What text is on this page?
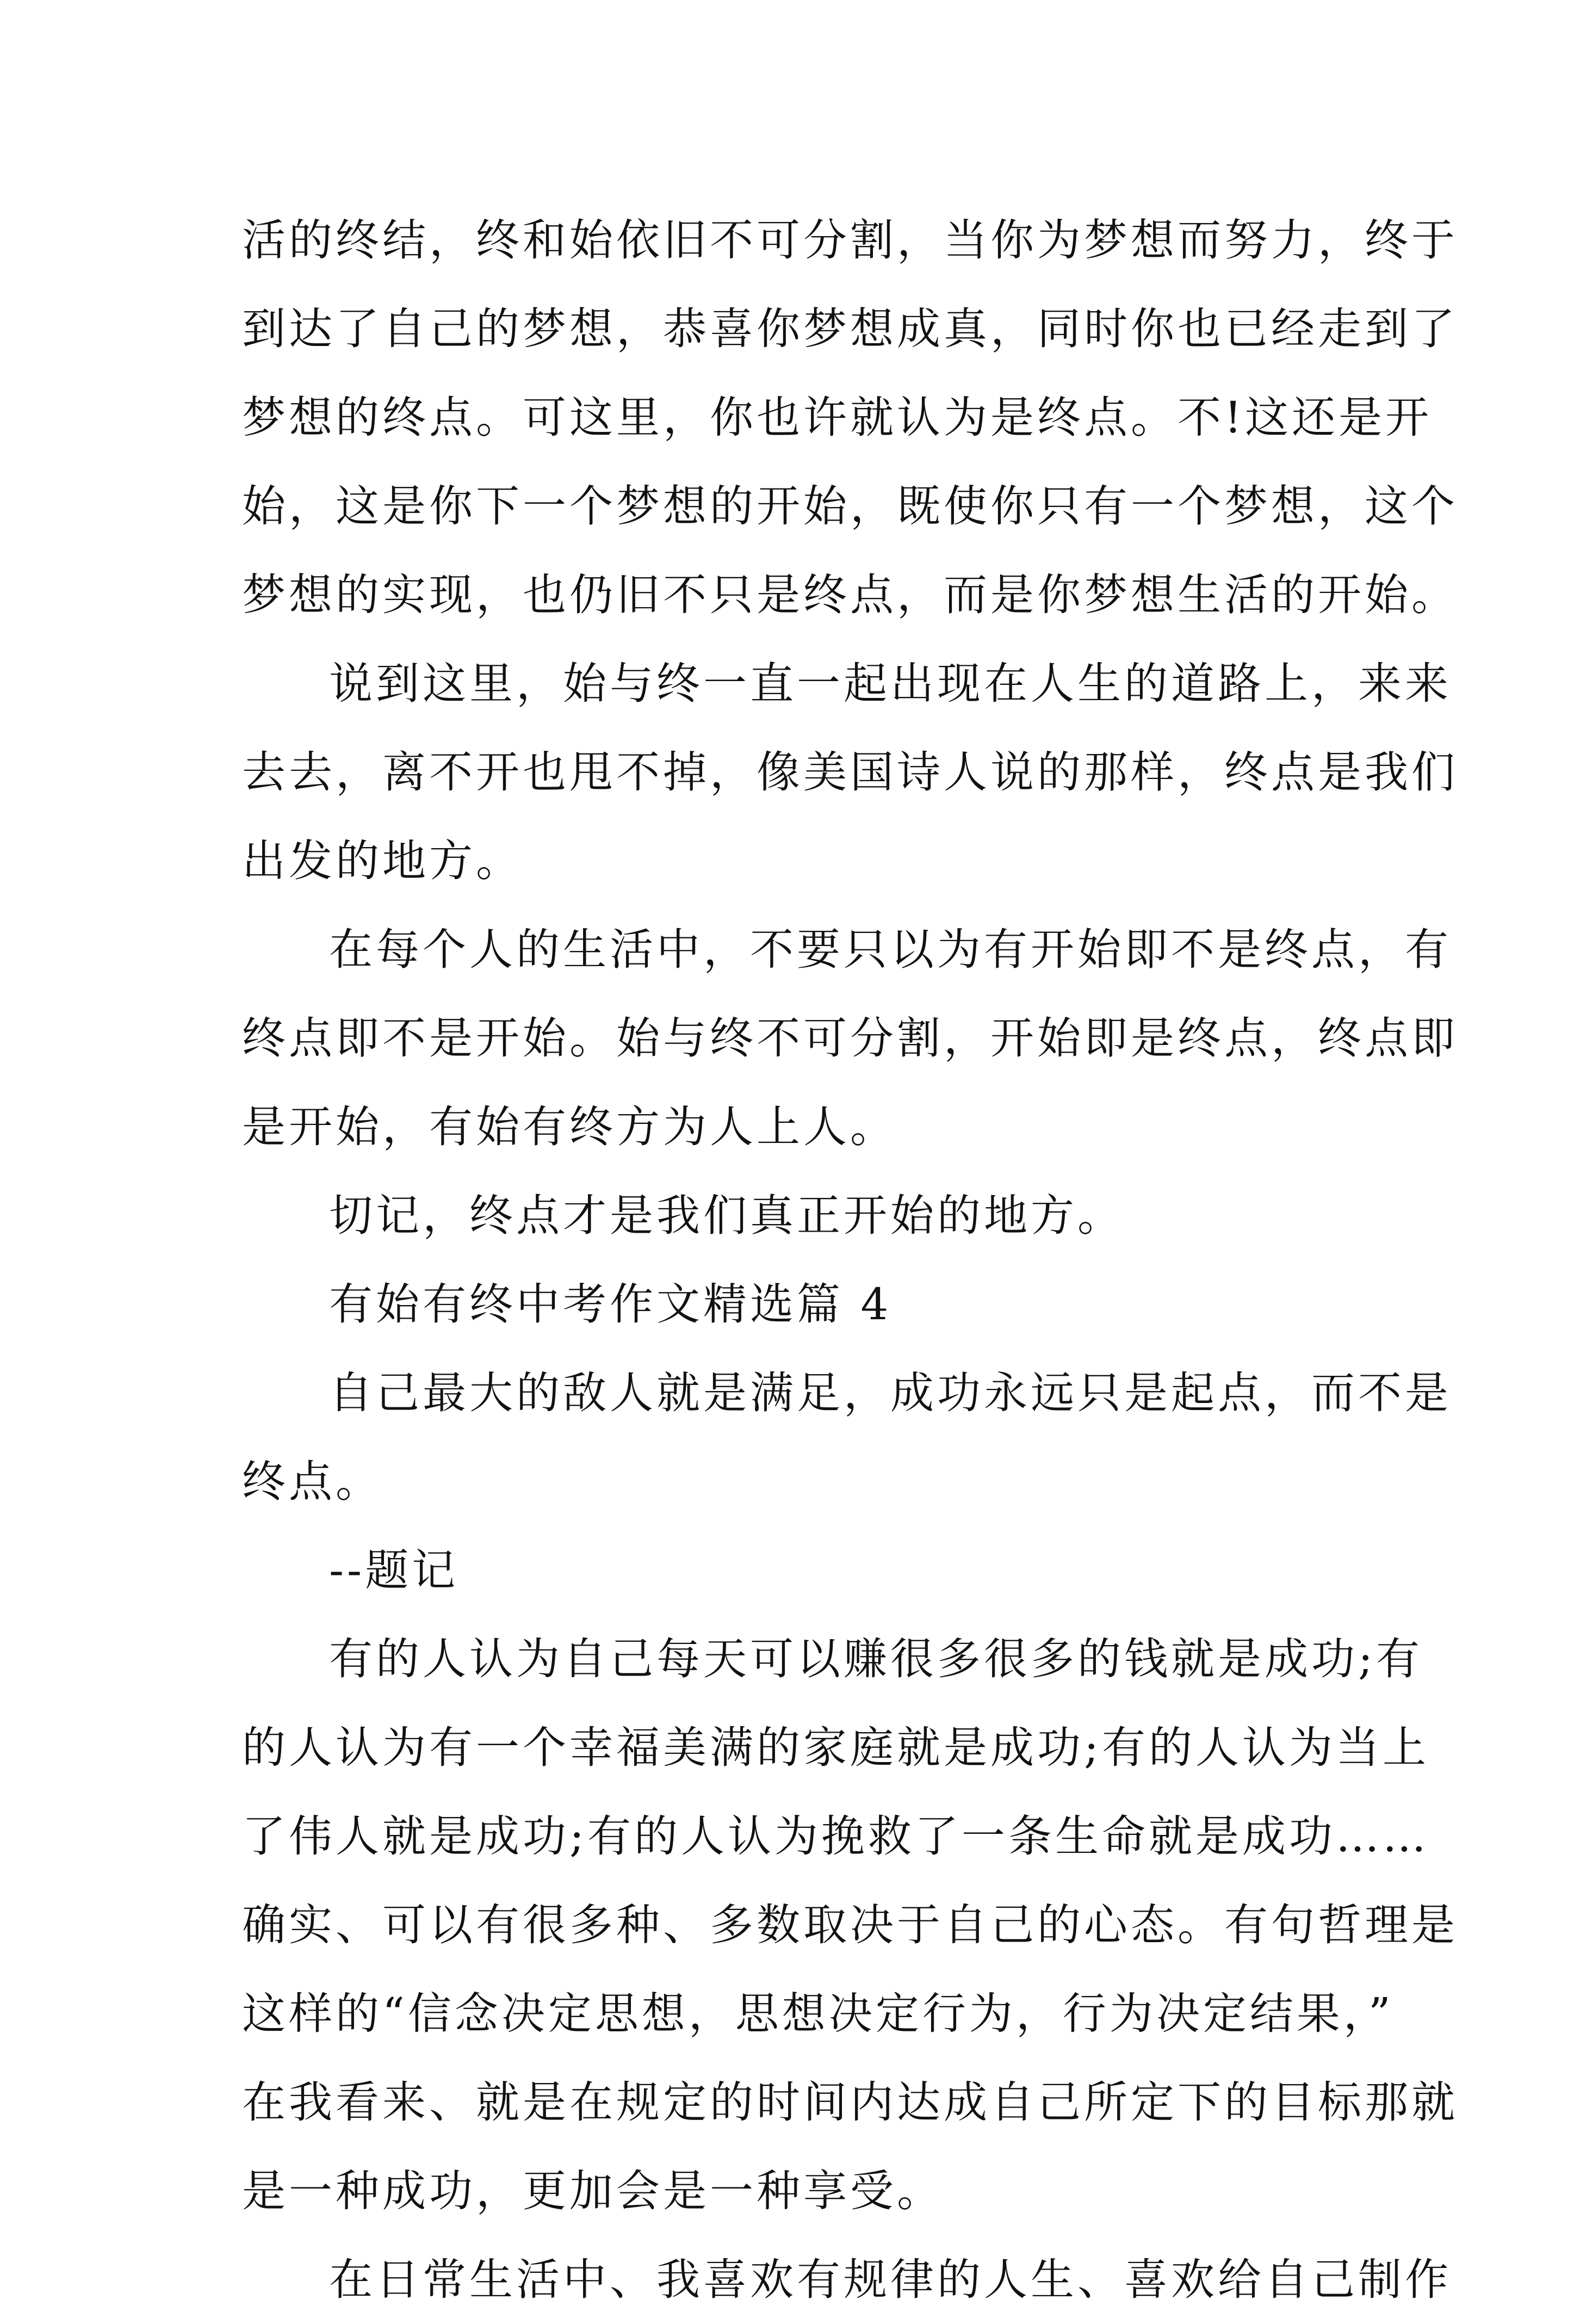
活的终结，终和始依旧不可分割，当你为梦想而努力，终于
到达了自己的梦想，恭喜你梦想成真，同时你也已经走到了
梦想的终点。可这里，你也许就认为是终点。不!这还是开
始，这是你下一个梦想的开始，既使你只有一个梦想，这个
梦想的实现，也仍旧不只是终点，而是你梦想生活的开始。
说到这里，始与终一直一起出现在人生的道路上，来来
去去，离不开也甩不掉，像美国诗人说的那样，终点是我们
出发的地方。
在每个人的生活中，不要只以为有开始即不是终点，有
终点即不是开始。始与终不可分割，开始即是终点，终点即
是开始，有始有终方为人上人。
切记，终点才是我们真正开始的地方。
有始有终中考作文精选篇 4
自己最大的敌人就是满足，成功永远只是起点，而不是
终点。
--题记
有的人认为自己每天可以赚很多很多的钱就是成功;有
的人认为有一个幸福美满的家庭就是成功;有的人认为当上
了伟人就是成功;有的人认为挽救了一条生命就是成功……
确实、可以有很多种、多数取决于自己的心态。有句哲理是
这样的“信念决定思想，思想决定行为，行为决定结果，”
在我看来、就是在规定的时间内达成自己所定下的目标那就
是一种成功，更加会是一种享受。
在日常生活中、我喜欢有规律的人生、喜欢给自己制作
